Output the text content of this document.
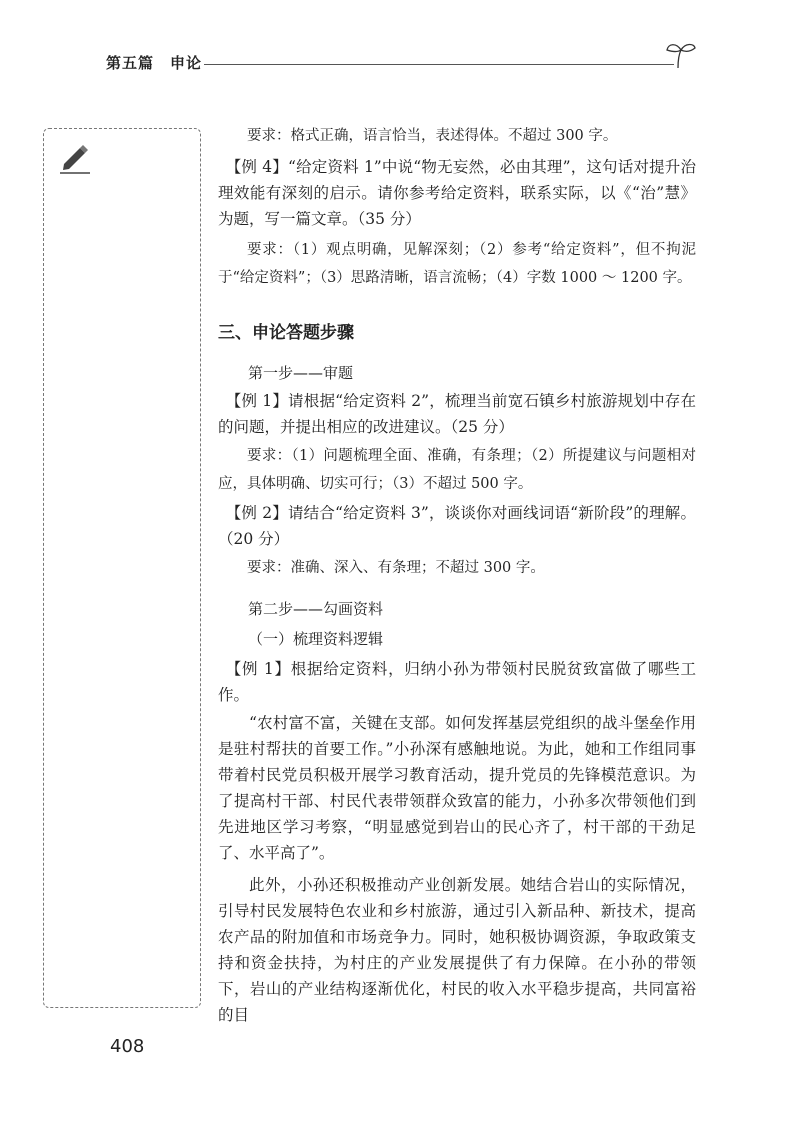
第五篇　申论

要求：格式正确，语言恰当，表述得体。不超过 300 字。

【例 4】“给定资料 1”中说“物无妄然，必由其理”，这句话对提升治理效能有深刻的启示。请你参考给定资料，联系实际，以《“治”慧》为题，写一篇文章。（35 分）

要求：（1）观点明确，见解深刻；（2）参考“给定资料”，但不拘泥于“给定资料”；（3）思路清晰，语言流畅；（4）字数 1000 ～ 1200 字。

三、申论答题步骤
第一步——审题

【例 1】请根据“给定资料 2”，梳理当前宽石镇乡村旅游规划中存在的问题，并提出相应的改进建议。（25 分）

要求：（1）问题梳理全面、准确，有条理；（2）所提建议与问题相对应，具体明确、切实可行；（3）不超过 500 字。

【例 2】请结合“给定资料 3”，谈谈你对画线词语“新阶段”的理解。（20 分）

要求：准确、深入、有条理；不超过 300 字。

第二步——勾画资料
（一）梳理资料逻辑

【例 1】根据给定资料，归纳小孙为带领村民脱贫致富做了哪些工作。

“农村富不富，关键在支部。如何发挥基层党组织的战斗堡垒作用是驻村帮扶的首要工作。”小孙深有感触地说。为此，她和工作组同事带着村民党员积极开展学习教育活动，提升党员的先锋模范意识。为了提高村干部、村民代表带领群众致富的能力，小孙多次带领他们到先进地区学习考察，“明显感觉到岩山的民心齐了，村干部的干劲足了、水平高了”。

此外，小孙还积极推动产业创新发展。她结合岩山的实际情况，引导村民发展特色农业和乡村旅游，通过引入新品种、新技术，提高农产品的附加值和市场竞争力。同时，她积极协调资源，争取政策支持和资金扶持，为村庄的产业发展提供了有力保障。在小孙的带领下，岩山的产业结构逐渐优化，村民的收入水平稳步提高，共同富裕的目

408
